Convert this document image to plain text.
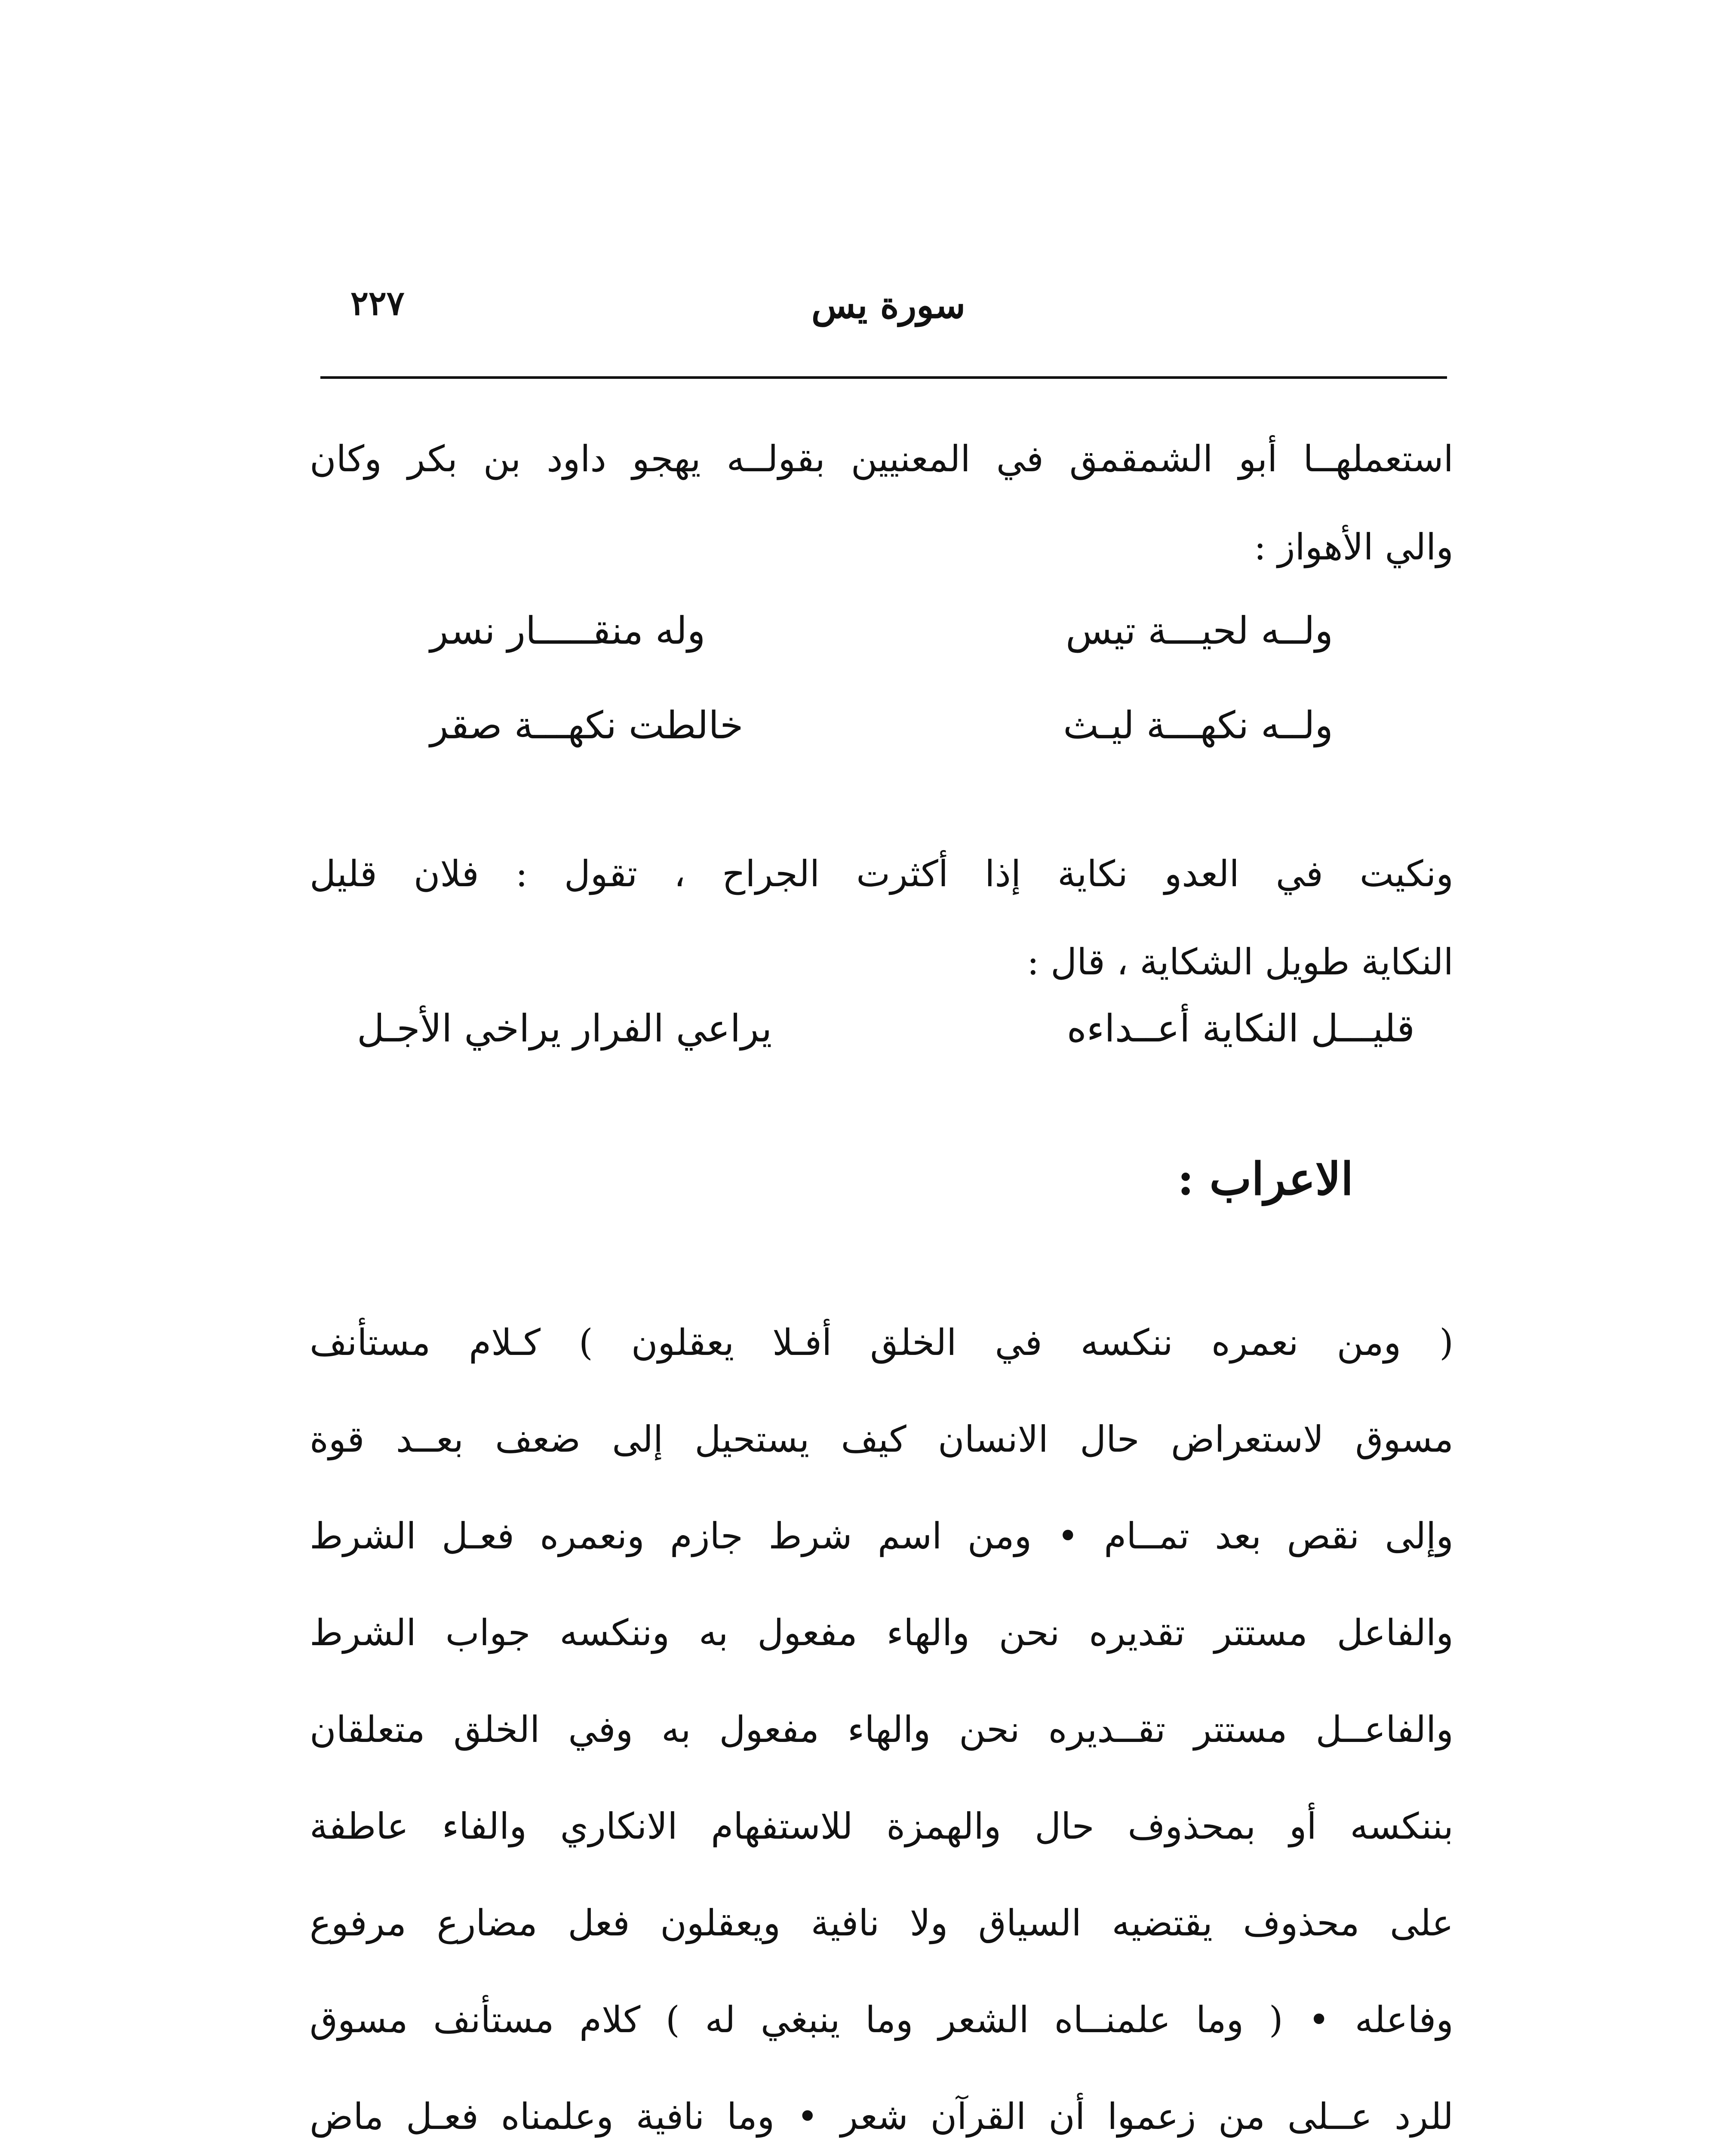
سورة يس
٢٢٧
استعملهــا أبو الشمقمق في المعنيين بقولــه يهجو داود بن بكر وكان
والي الأهواز :
ولــه لحيـــة تيس
وله منقـــــار نسر
ولــه نكهـــة ليـث
خالطت نكهـــة صقر
ونكيت في العدو نكاية إذا أكثرت الجراح ، تقول : فلان قليل
النكاية طويل الشكاية ، قال :
قليـــل النكاية أعــداءه
يراعي الفرار يراخي الأجـل
الاعراب :
( ومن نعمره ننكسه في الخلق أفـلا يعقلون ) كـلام مستأنف
مسوق لاستعراض حال الانسان كيف يستحيل إلى ضعف بعــد قوة
وإلى نقص بعد تمــام • ومن اسم شرط جازم ونعمره فعـل الشرط
والفاعل مستتر تقديره نحن والهاء مفعول به وننكسه جواب الشرط
والفاعــل مستتر تقــديره نحن والهاء مفعول به وفي الخلق متعلقان
بننكسه أو بمحذوف حال والهمزة للاستفهام الانكاري والفاء عاطفة
على محذوف يقتضيه السياق ولا نافية ويعقلون فعل مضارع مرفوع
وفاعله • ( وما علمنــاه الشعر وما ينبغي له ) كلام مستأنف مسوق
للرد عــلى من زعموا أن القرآن شعر • وما نافية وعلمناه فعـل ماض
